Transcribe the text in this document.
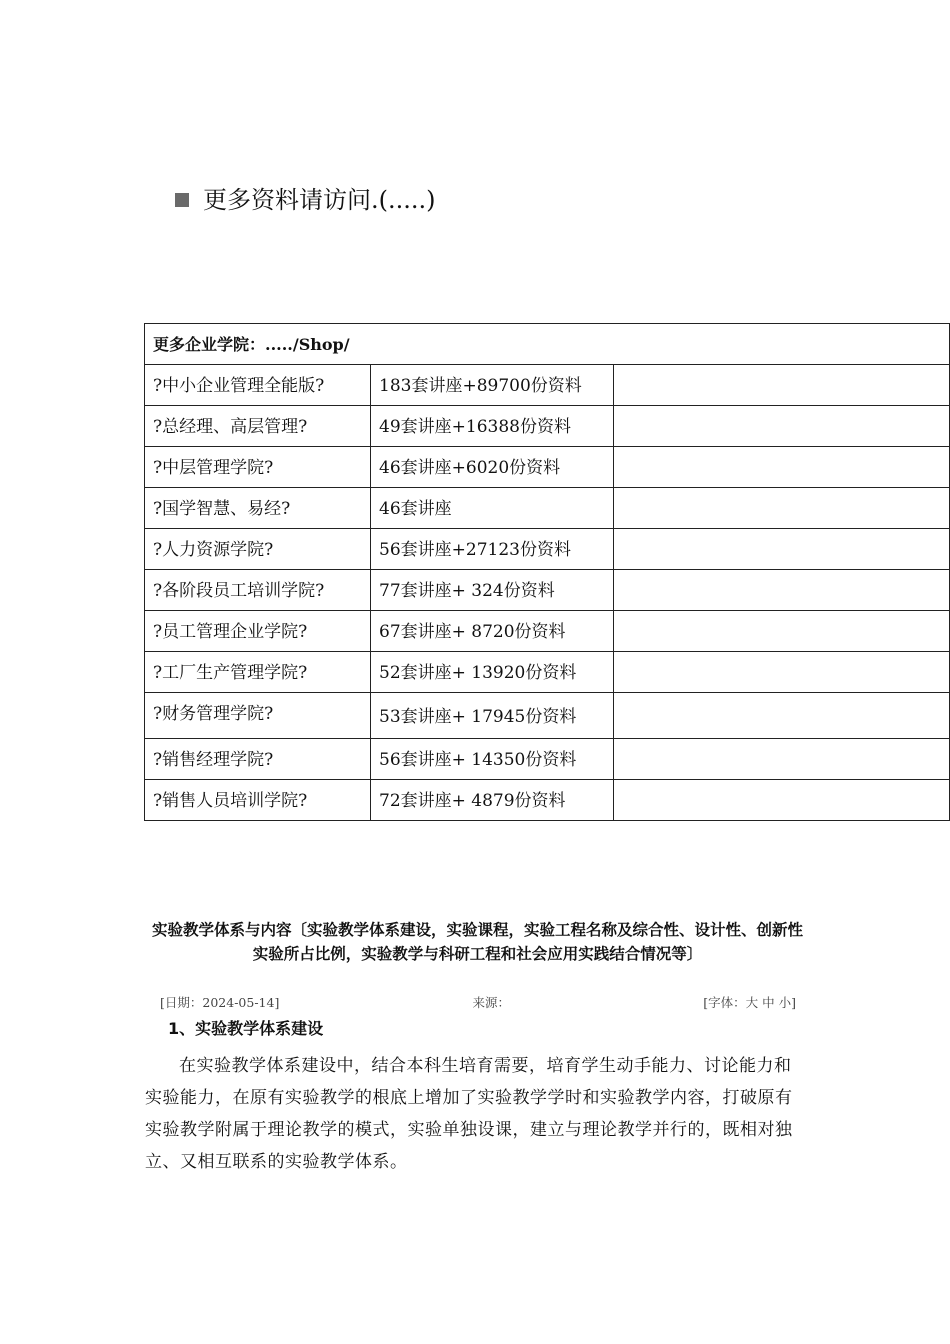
更多资料请访问.(.....)
更多企业学院：...../Shop/		
?中小企业管理全能版?	183套讲座+89700份资料	
?总经理、高层管理?	49套讲座+16388份资料	
?中层管理学院?	46套讲座+6020份资料	
?国学智慧、易经?	46套讲座	
?人力资源学院?	56套讲座+27123份资料	
?各阶段员工培训学院?	77套讲座+ 324份资料	
?员工管理企业学院?	67套讲座+ 8720份资料	
?工厂生产管理学院?	52套讲座+ 13920份资料	
?财务管理学院?	53套讲座+ 17945份资料	
?销售经理学院?	56套讲座+ 14350份资料	
?销售人员培训学院?	72套讲座+ 4879份资料	
实验教学体系与内容〔实验教学体系建设，实验课程，实验工程名称及综合性、设计性、创新性实验所占比例，实验教学与科研工程和社会应用实践结合情况等〕
[日期：2024-05-14]	来源：	[字体：大 中 小]
1、实验教学体系建设
在实验教学体系建设中，结合本科生培育需要，培育学生动手能力、讨论能力和实验能力，在原有实验教学的根底上增加了实验教学学时和实验教学内容，打破原有实验教学附属于理论教学的模式，实验单独设课，建立与理论教学并行的，既相对独立、又相互联系的实验教学体系。
